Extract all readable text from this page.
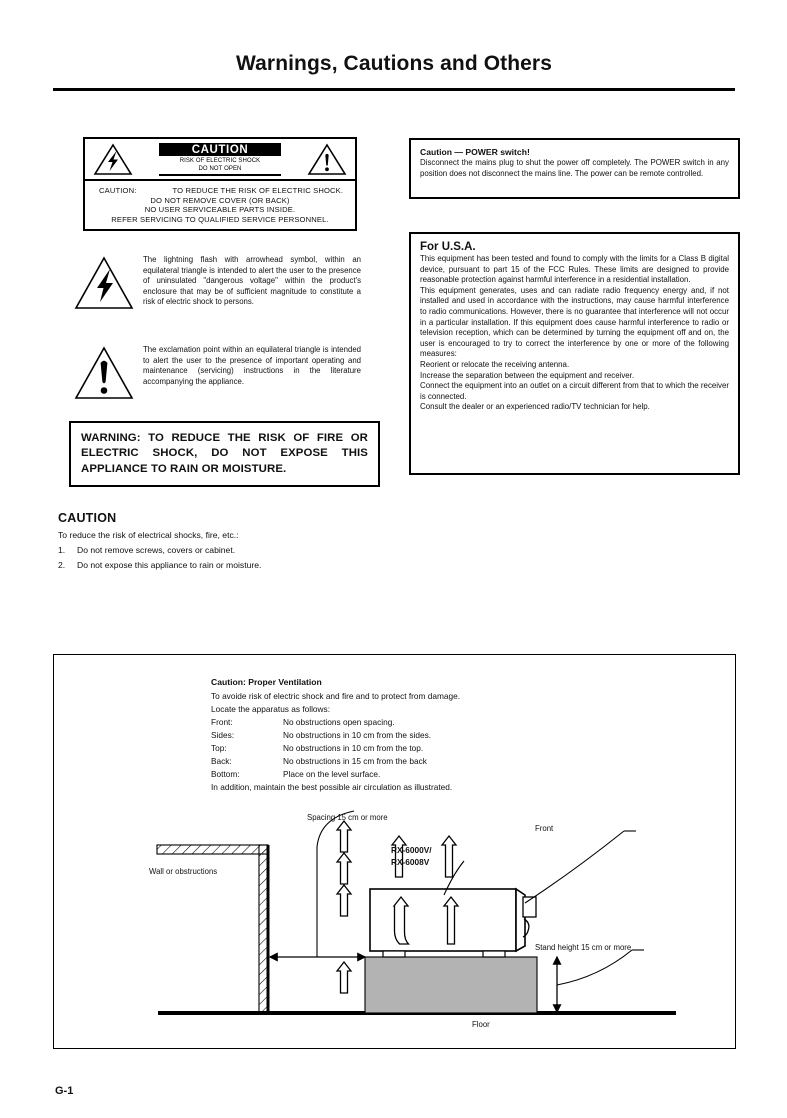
Warnings, Cautions and Others
CAUTION
RISK OF ELECTRIC SHOCK
DO NOT OPEN
CAUTION:	TO REDUCE THE RISK OF ELECTRIC SHOCK.
DO NOT REMOVE COVER (OR BACK)
NO USER SERVICEABLE PARTS INSIDE.
REFER SERVICING TO QUALIFIED SERVICE PERSONNEL.
The lightning flash with arrowhead symbol, within an equilateral triangle is intended to alert the user to the presence of uninsulated "dangerous voltage" within the product's enclosure that may be of sufficient magnitude to constitute a risk of electric shock to persons.
The exclamation point within an equilateral triangle is intended to alert the user to the presence of important operating and maintenance (servicing) instructions in the literature accompanying the appliance.
WARNING: TO REDUCE THE RISK OF FIRE OR ELECTRIC SHOCK, DO NOT EXPOSE THIS APPLIANCE TO RAIN OR MOISTURE.
Caution — POWER switch!

Disconnect the mains plug to shut the power off completely. The POWER switch in any position does not disconnect the mains line. The power can be remote controlled.

For U.S.A.

This equipment has been tested and found to comply with the limits for a Class B digital device, pursuant to part 15 of the FCC Rules. These limits are designed to provide reasonable protection against harmful interference in a residential installation.

This equipment generates, uses and can radiate radio frequency energy and, if not installed and used in accordance with the instructions, may cause harmful interference to radio communications. However, there is no guarantee that interference will not occur in a particular installation. If this equipment does cause harmful interference to radio or television reception, which can be determined by turning the equipment off and on, the user is encouraged to try to correct the interference by one or more of the following measures:

Reorient or relocate the receiving antenna.

Increase the separation between the equipment and receiver.

Connect the equipment into an outlet on a circuit different from that to which the receiver is connected.

Consult the dealer or an experienced radio/TV technician for help.

CAUTION
To reduce the risk of electrical shocks, fire, etc.:
1.	Do not remove screws, covers or cabinet.
2.	Do not expose this appliance to rain or moisture.
Caution: Proper Ventilation
To avoide risk of electric shock and fire and to protect from damage.
Locate the apparatus as follows:
Front:	No obstructions open spacing.
Sides:	No obstructions in 10 cm from the sides.
Top:	No obstructions in 10 cm from the top.
Back:	No obstructions in 15 cm from the back
Bottom:	Place on the level surface.
In addition, maintain the best possible air circulation as illustrated.
Spacing 15 cm or more
Wall or obstructions
RX-6000V/
RX-6008V
Front
Stand height 15 cm or more
Floor
G-1
